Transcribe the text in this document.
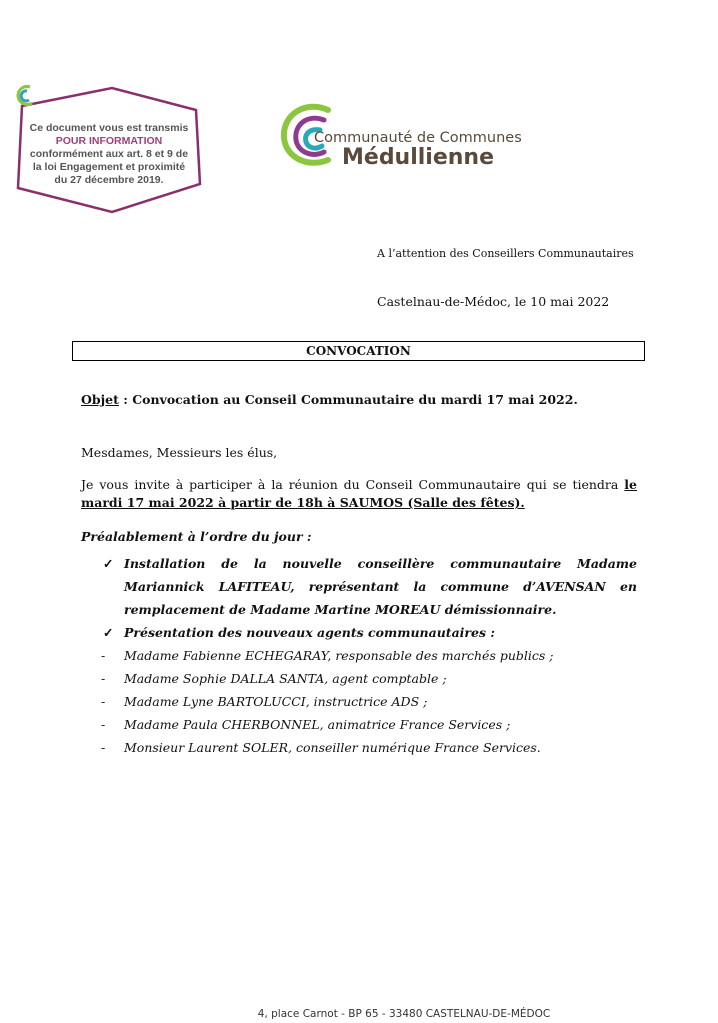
Ce document vous est transmis
POUR INFORMATION
conformément aux art. 8 et 9 de
la loi Engagement et proximité
du 27 décembre 2019.
Communauté de Communes
Médullienne
A l’attention des Conseillers Communautaires
Castelnau-de-Médoc, le 10 mai 2022
CONVOCATION
Objet : Convocation au Conseil Communautaire du mardi 17 mai 2022.
Mesdames, Messieurs les élus,
Je vous invite à participer à la réunion du Conseil Communautaire qui se tiendra le mardi 17 mai 2022 à partir de 18h à SAUMOS (Salle des fêtes).
Préalablement à l’ordre du jour :
✓ Installation de la nouvelle conseillère communautaire Madame Mariannick LAFITEAU, représentant la commune d’AVENSAN en remplacement de Madame Martine MOREAU démissionnaire.
✓ Présentation des nouveaux agents communautaires :
- Madame Fabienne ECHEGARAY, responsable des marchés publics ;
- Madame Sophie DALLA SANTA, agent comptable ;
- Madame Lyne BARTOLUCCI, instructrice ADS ;
- Madame Paula CHERBONNEL, animatrice France Services ;
- Monsieur Laurent SOLER, conseiller numérique France Services.
4, place Carnot - BP 65 - 33480 CASTELNAU-DE-MÉDOC
